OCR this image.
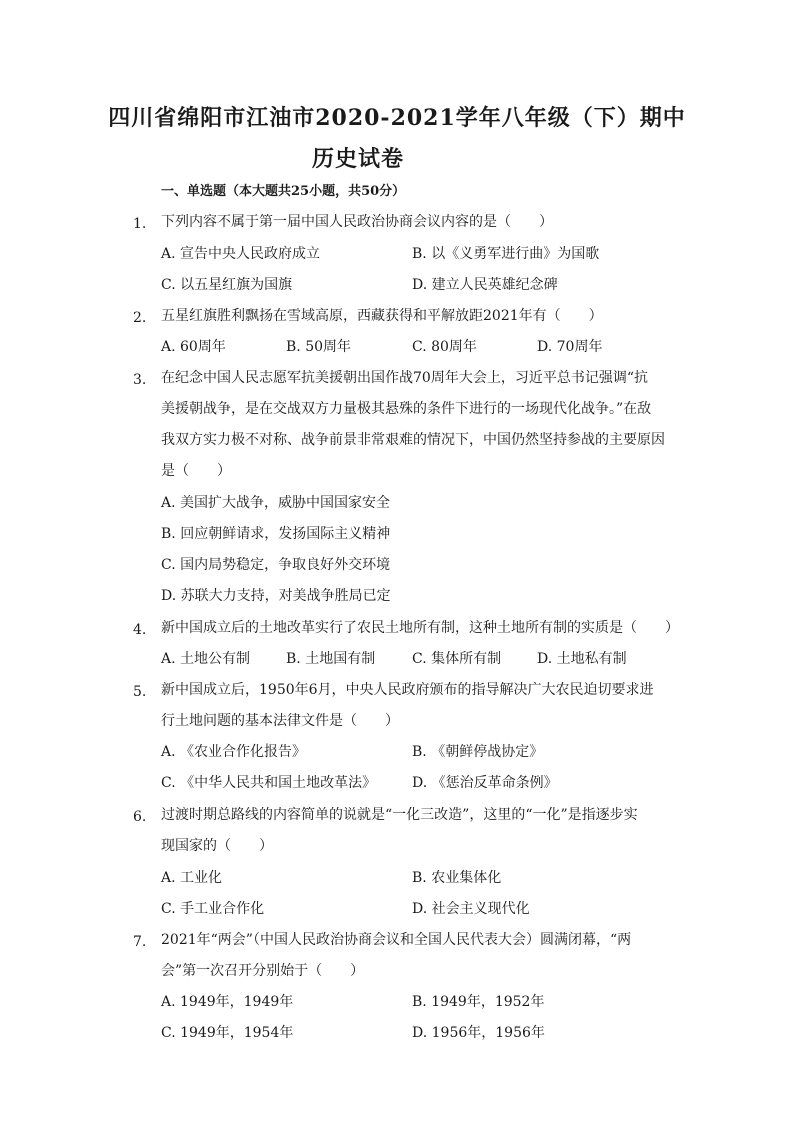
四川省绵阳市江油市2020-2021学年八年级（下）期中
历史试卷
一、单选题（本大题共25小题，共50分）
1. 下列内容不属于第一届中国人民政治协商会议内容的是（　　）
A. 宣告中央人民政府成立	B. 以《义勇军进行曲》为国歌
C. 以五星红旗为国旗	D. 建立人民英雄纪念碑
2. 五星红旗胜利飘扬在雪域高原，西藏获得和平解放距2021年有（　　）
A. 60周年	B. 50周年	C. 80周年	D. 70周年
3. 在纪念中国人民志愿军抗美援朝出国作战70周年大会上，习近平总书记强调“抗
美援朝战争，是在交战双方力量极其悬殊的条件下进行的一场现代化战争。”在敌
我双方实力极不对称、战争前景非常艰难的情况下，中国仍然坚持参战的主要原因
是（　　）
A. 美国扩大战争，威胁中国国家安全
B. 回应朝鲜请求，发扬国际主义精神
C. 国内局势稳定，争取良好外交环境
D. 苏联大力支持，对美战争胜局已定
4. 新中国成立后的土地改革实行了农民土地所有制，这种土地所有制的实质是（　　）
A. 土地公有制	B. 土地国有制	C. 集体所有制	D. 土地私有制
5. 新中国成立后，1950年6月，中央人民政府颁布的指导解决广大农民迫切要求进
行土地问题的基本法律文件是（　　）
A. 《农业合作化报告》	B. 《朝鲜停战协定》
C. 《中华人民共和国土地改革法》	D. 《惩治反革命条例》
6. 过渡时期总路线的内容简单的说就是“一化三改造”，这里的“一化”是指逐步实
现国家的（　　）
A. 工业化	B. 农业集体化
C. 手工业合作化	D. 社会主义现代化
7. 2021年“两会”（中国人民政治协商会议和全国人民代表大会）圆满闭幕，“两
会”第一次召开分别始于（　　）
A. 1949年，1949年	B. 1949年，1952年
C. 1949年，1954年	D. 1956年，1956年
